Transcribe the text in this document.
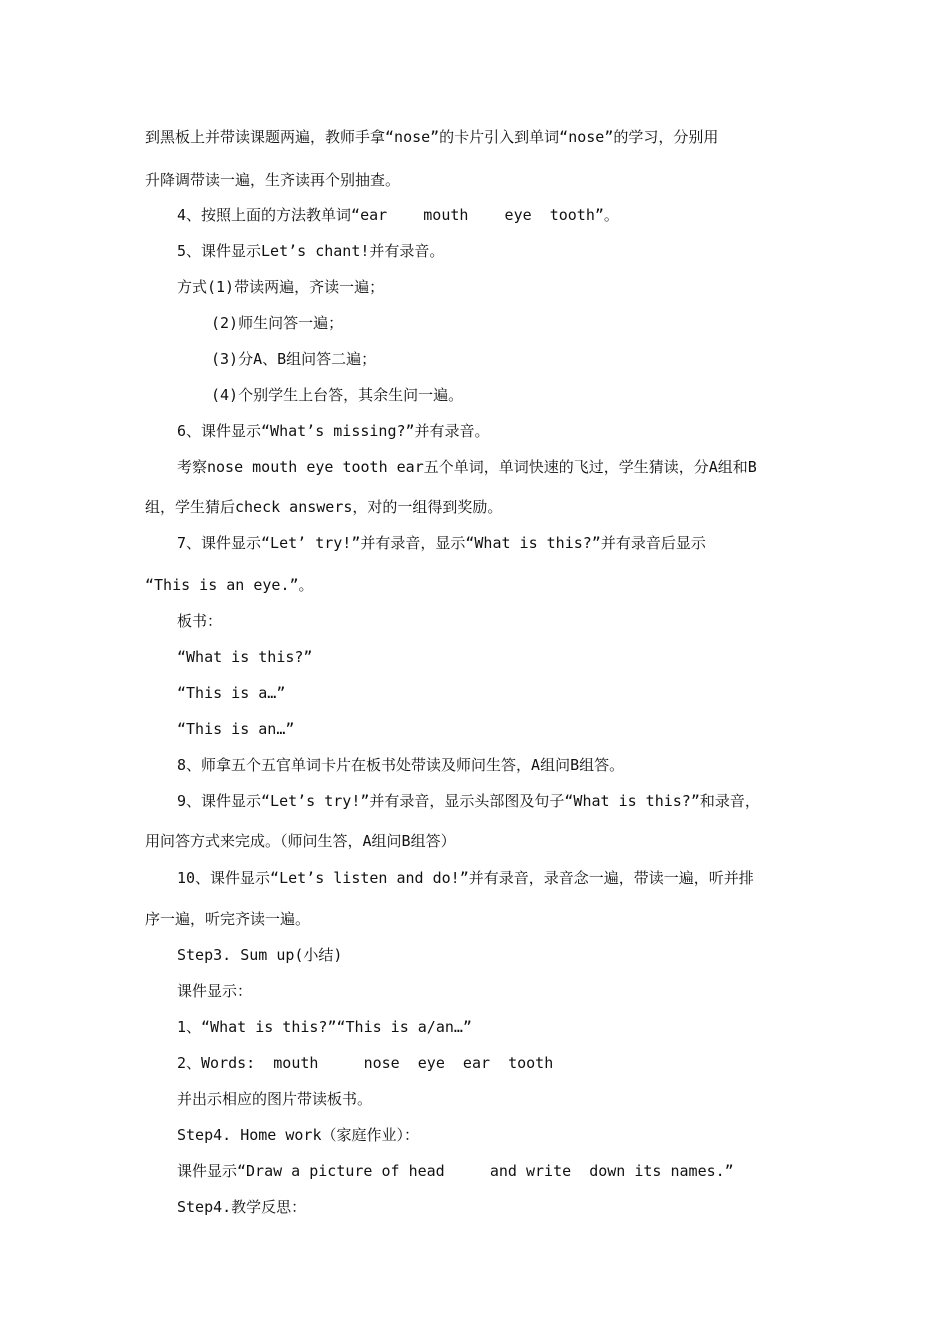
到黑板上并带读课题两遍，教师手拿“nose”的卡片引入到单词“nose”的学习，分别用
升降调带读一遍，生齐读再个别抽查。
4、按照上面的方法教单词“ear    mouth    eye  tooth”。
5、课件显示Let’s chant!并有录音。
方式(1)带读两遍，齐读一遍；
(2)师生问答一遍；
(3)分A、B组问答二遍；
(4)个别学生上台答，其余生问一遍。
6、课件显示“What’s missing?”并有录音。
考察nose mouth eye tooth ear五个单词，单词快速的飞过，学生猜读，分A组和B
组，学生猜后check answers，对的一组得到奖励。
7、课件显示“Let’ try!”并有录音，显示“What is this?”并有录音后显示
“This is an eye.”。
板书：
“What is this?”
“This is a…”
“This is an…”
8、师拿五个五官单词卡片在板书处带读及师问生答，A组问B组答。
9、课件显示“Let’s try!”并有录音，显示头部图及句子“What is this?”和录音，
用问答方式来完成。（师问生答，A组问B组答）
10、课件显示“Let’s listen and do!”并有录音，录音念一遍，带读一遍，听并排
序一遍，听完齐读一遍。
Step3. Sum up(小结)
课件显示：
1、“What is this?”“This is a/an…”
2、Words:  mouth     nose  eye  ear  tooth
并出示相应的图片带读板书。
Step4. Home work（家庭作业）：
课件显示“Draw a picture of head     and write  down its names.”
Step4.教学反思：
